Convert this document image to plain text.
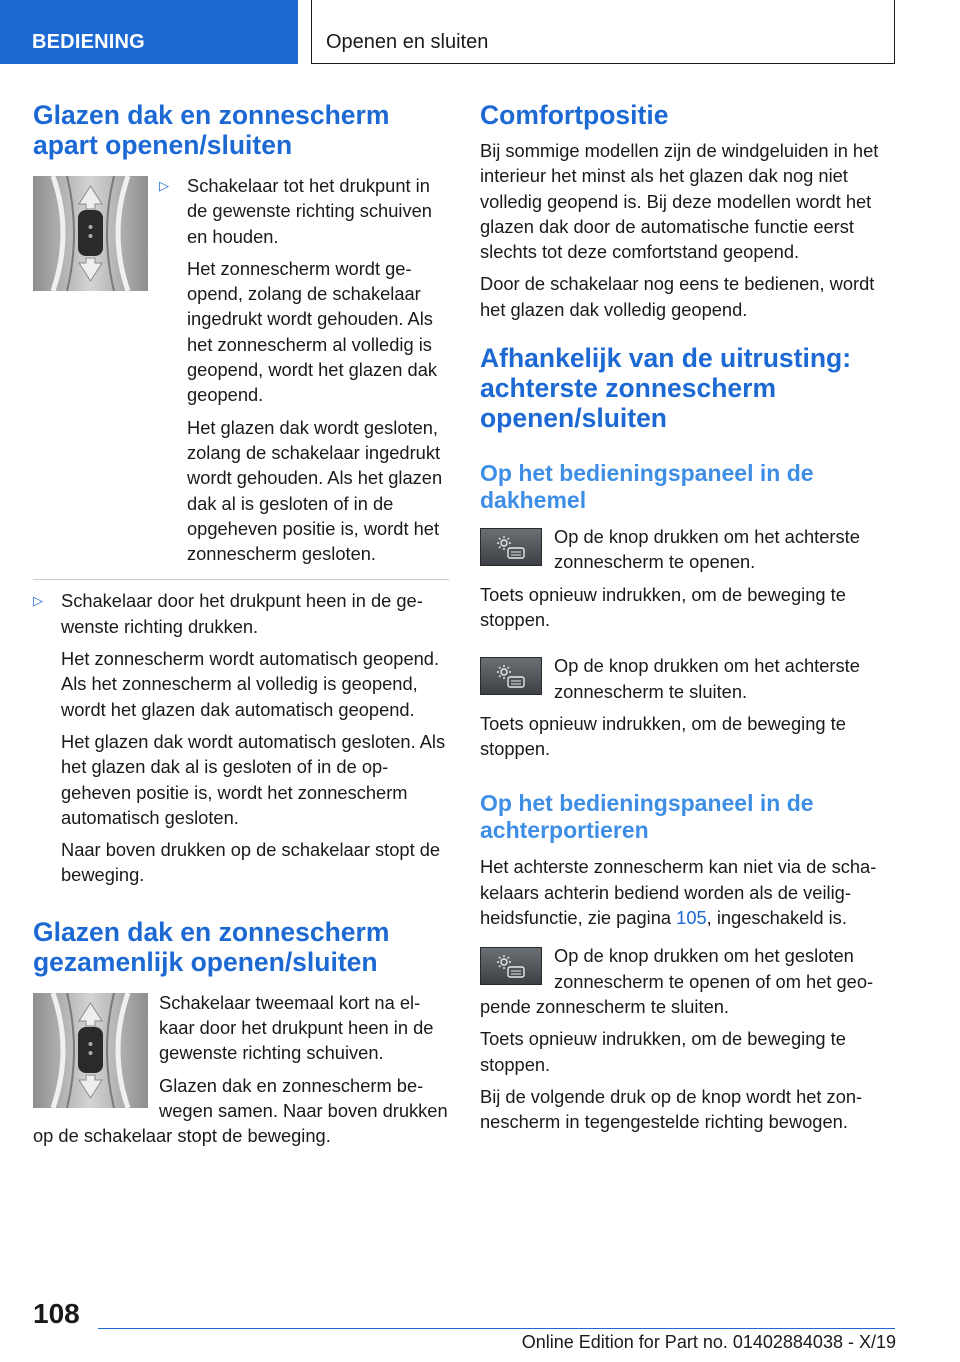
BEDIENING	Openen en sluiten
Glazen dak en zonnescherm apart openen/sluiten

▷ Schakelaar tot het drukpunt in de gewenste richting schuiven en houden.

Het zonnescherm wordt geopend, zolang de schakelaar ingedrukt wordt gehouden. Als het zonnescherm al volledig is geopend, wordt het glazen dak geopend.

Het glazen dak wordt gesloten, zolang de schakelaar ingedrukt wordt gehouden. Als het glazen dak al is gesloten of in de opgeheven positie is, wordt het zonnescherm gesloten.

▷ Schakelaar door het drukpunt heen in de gewenste richting drukken.

Het zonnescherm wordt automatisch geopend. Als het zonnescherm al volledig is geopend, wordt het glazen dak automatisch geopend.

Het glazen dak wordt automatisch gesloten. Als het glazen dak al is gesloten of in de opgeheven positie is, wordt het zonnescherm automatisch gesloten.

Naar boven drukken op de schakelaar stopt de beweging.

Glazen dak en zonnescherm gezamenlijk openen/sluiten

Schakelaar tweemaal kort na elkaar door het drukpunt heen in de gewenste richting schuiven.

Glazen dak en zonnescherm bewegen samen. Naar boven drukken op de schakelaar stopt de beweging.

Comfortpositie

Bij sommige modellen zijn de windgeluiden in het interieur het minst als het glazen dak nog niet volledig geopend is. Bij deze modellen wordt het glazen dak door de automatische functie eerst slechts tot deze comfortstand geopend.

Door de schakelaar nog eens te bedienen, wordt het glazen dak volledig geopend.

Afhankelijk van de uitrusting: achterste zonnescherm openen/sluiten
Op het bedieningspaneel in de dakhemel

Op de knop drukken om het achterste zonnescherm te openen.

Toets opnieuw indrukken, om de beweging te stoppen.

Op de knop drukken om het achterste zonnescherm te sluiten.

Toets opnieuw indrukken, om de beweging te stoppen.

Op het bedieningspaneel in de achterportieren

Het achterste zonnescherm kan niet via de schakelaars achterin bediend worden als de veiligheidsfunctie, zie pagina 105, ingeschakeld is.

Op de knop drukken om het gesloten zonnescherm te openen of om het geopende zonnescherm te sluiten.

Toets opnieuw indrukken, om de beweging te stoppen.

Bij de volgende druk op de knop wordt het zonnescherm in tegengestelde richting bewogen.

108
Online Edition for Part no. 01402884038 - X/19
